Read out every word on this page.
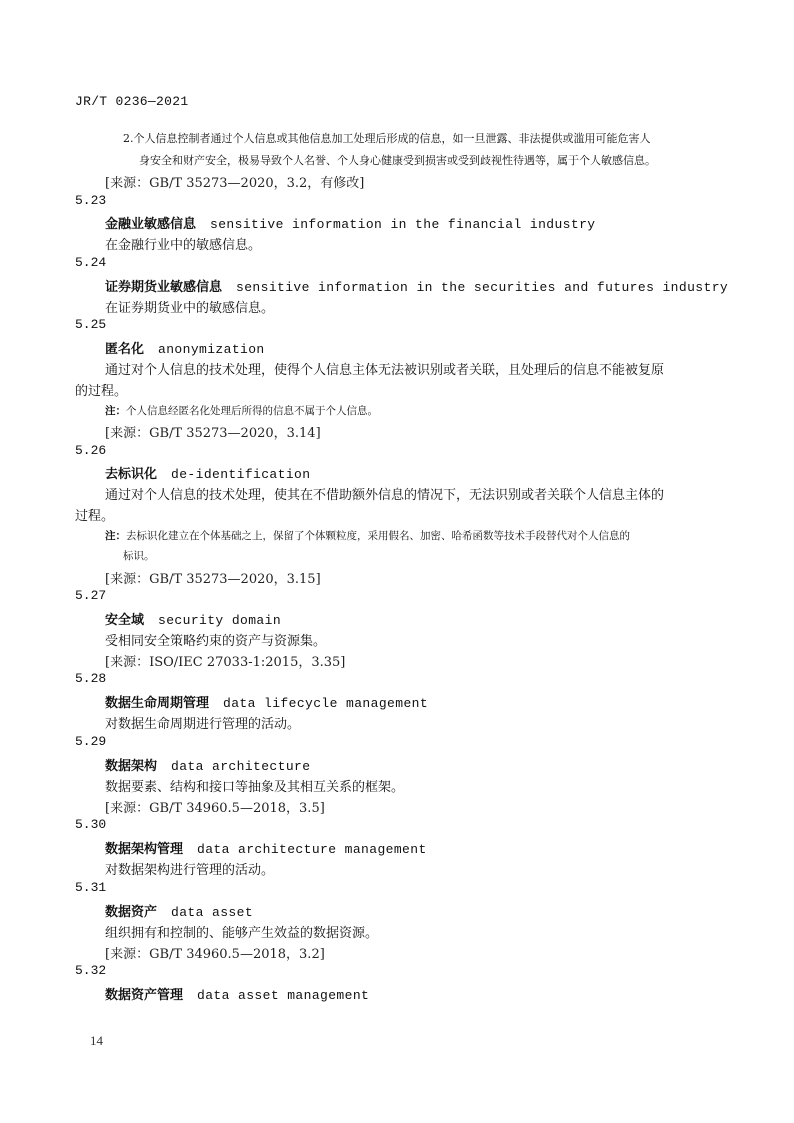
JR/T 0236—2021
2.个人信息控制者通过个人信息或其他信息加工处理后形成的信息，如一旦泄露、非法提供或滥用可能危害人
身安全和财产安全，极易导致个人名誉、个人身心健康受到损害或受到歧视性待遇等，属于个人敏感信息。
[来源：GB/T 35273—2020，3.2，有修改]
5.23
金融业敏感信息 sensitive information in the financial industry
在金融行业中的敏感信息。
5.24
证券期货业敏感信息 sensitive information in the securities and futures industry
在证券期货业中的敏感信息。
5.25
匿名化 anonymization
通过对个人信息的技术处理，使得个人信息主体无法被识别或者关联，且处理后的信息不能被复原
的过程。
注：个人信息经匿名化处理后所得的信息不属于个人信息。
[来源：GB/T 35273—2020，3.14]
5.26
去标识化 de-identification
通过对个人信息的技术处理，使其在不借助额外信息的情况下，无法识别或者关联个人信息主体的
过程。
注：去标识化建立在个体基础之上，保留了个体颗粒度，采用假名、加密、哈希函数等技术手段替代对个人信息的
标识。
[来源：GB/T 35273—2020，3.15]
5.27
安全域 security domain
受相同安全策略约束的资产与资源集。
[来源：ISO/IEC 27033-1:2015，3.35]
5.28
数据生命周期管理 data lifecycle management
对数据生命周期进行管理的活动。
5.29
数据架构 data architecture
数据要素、结构和接口等抽象及其相互关系的框架。
[来源：GB/T 34960.5—2018，3.5]
5.30
数据架构管理 data architecture management
对数据架构进行管理的活动。
5.31
数据资产 data asset
组织拥有和控制的、能够产生效益的数据资源。
[来源：GB/T 34960.5—2018，3.2]
5.32
数据资产管理 data asset management
14
